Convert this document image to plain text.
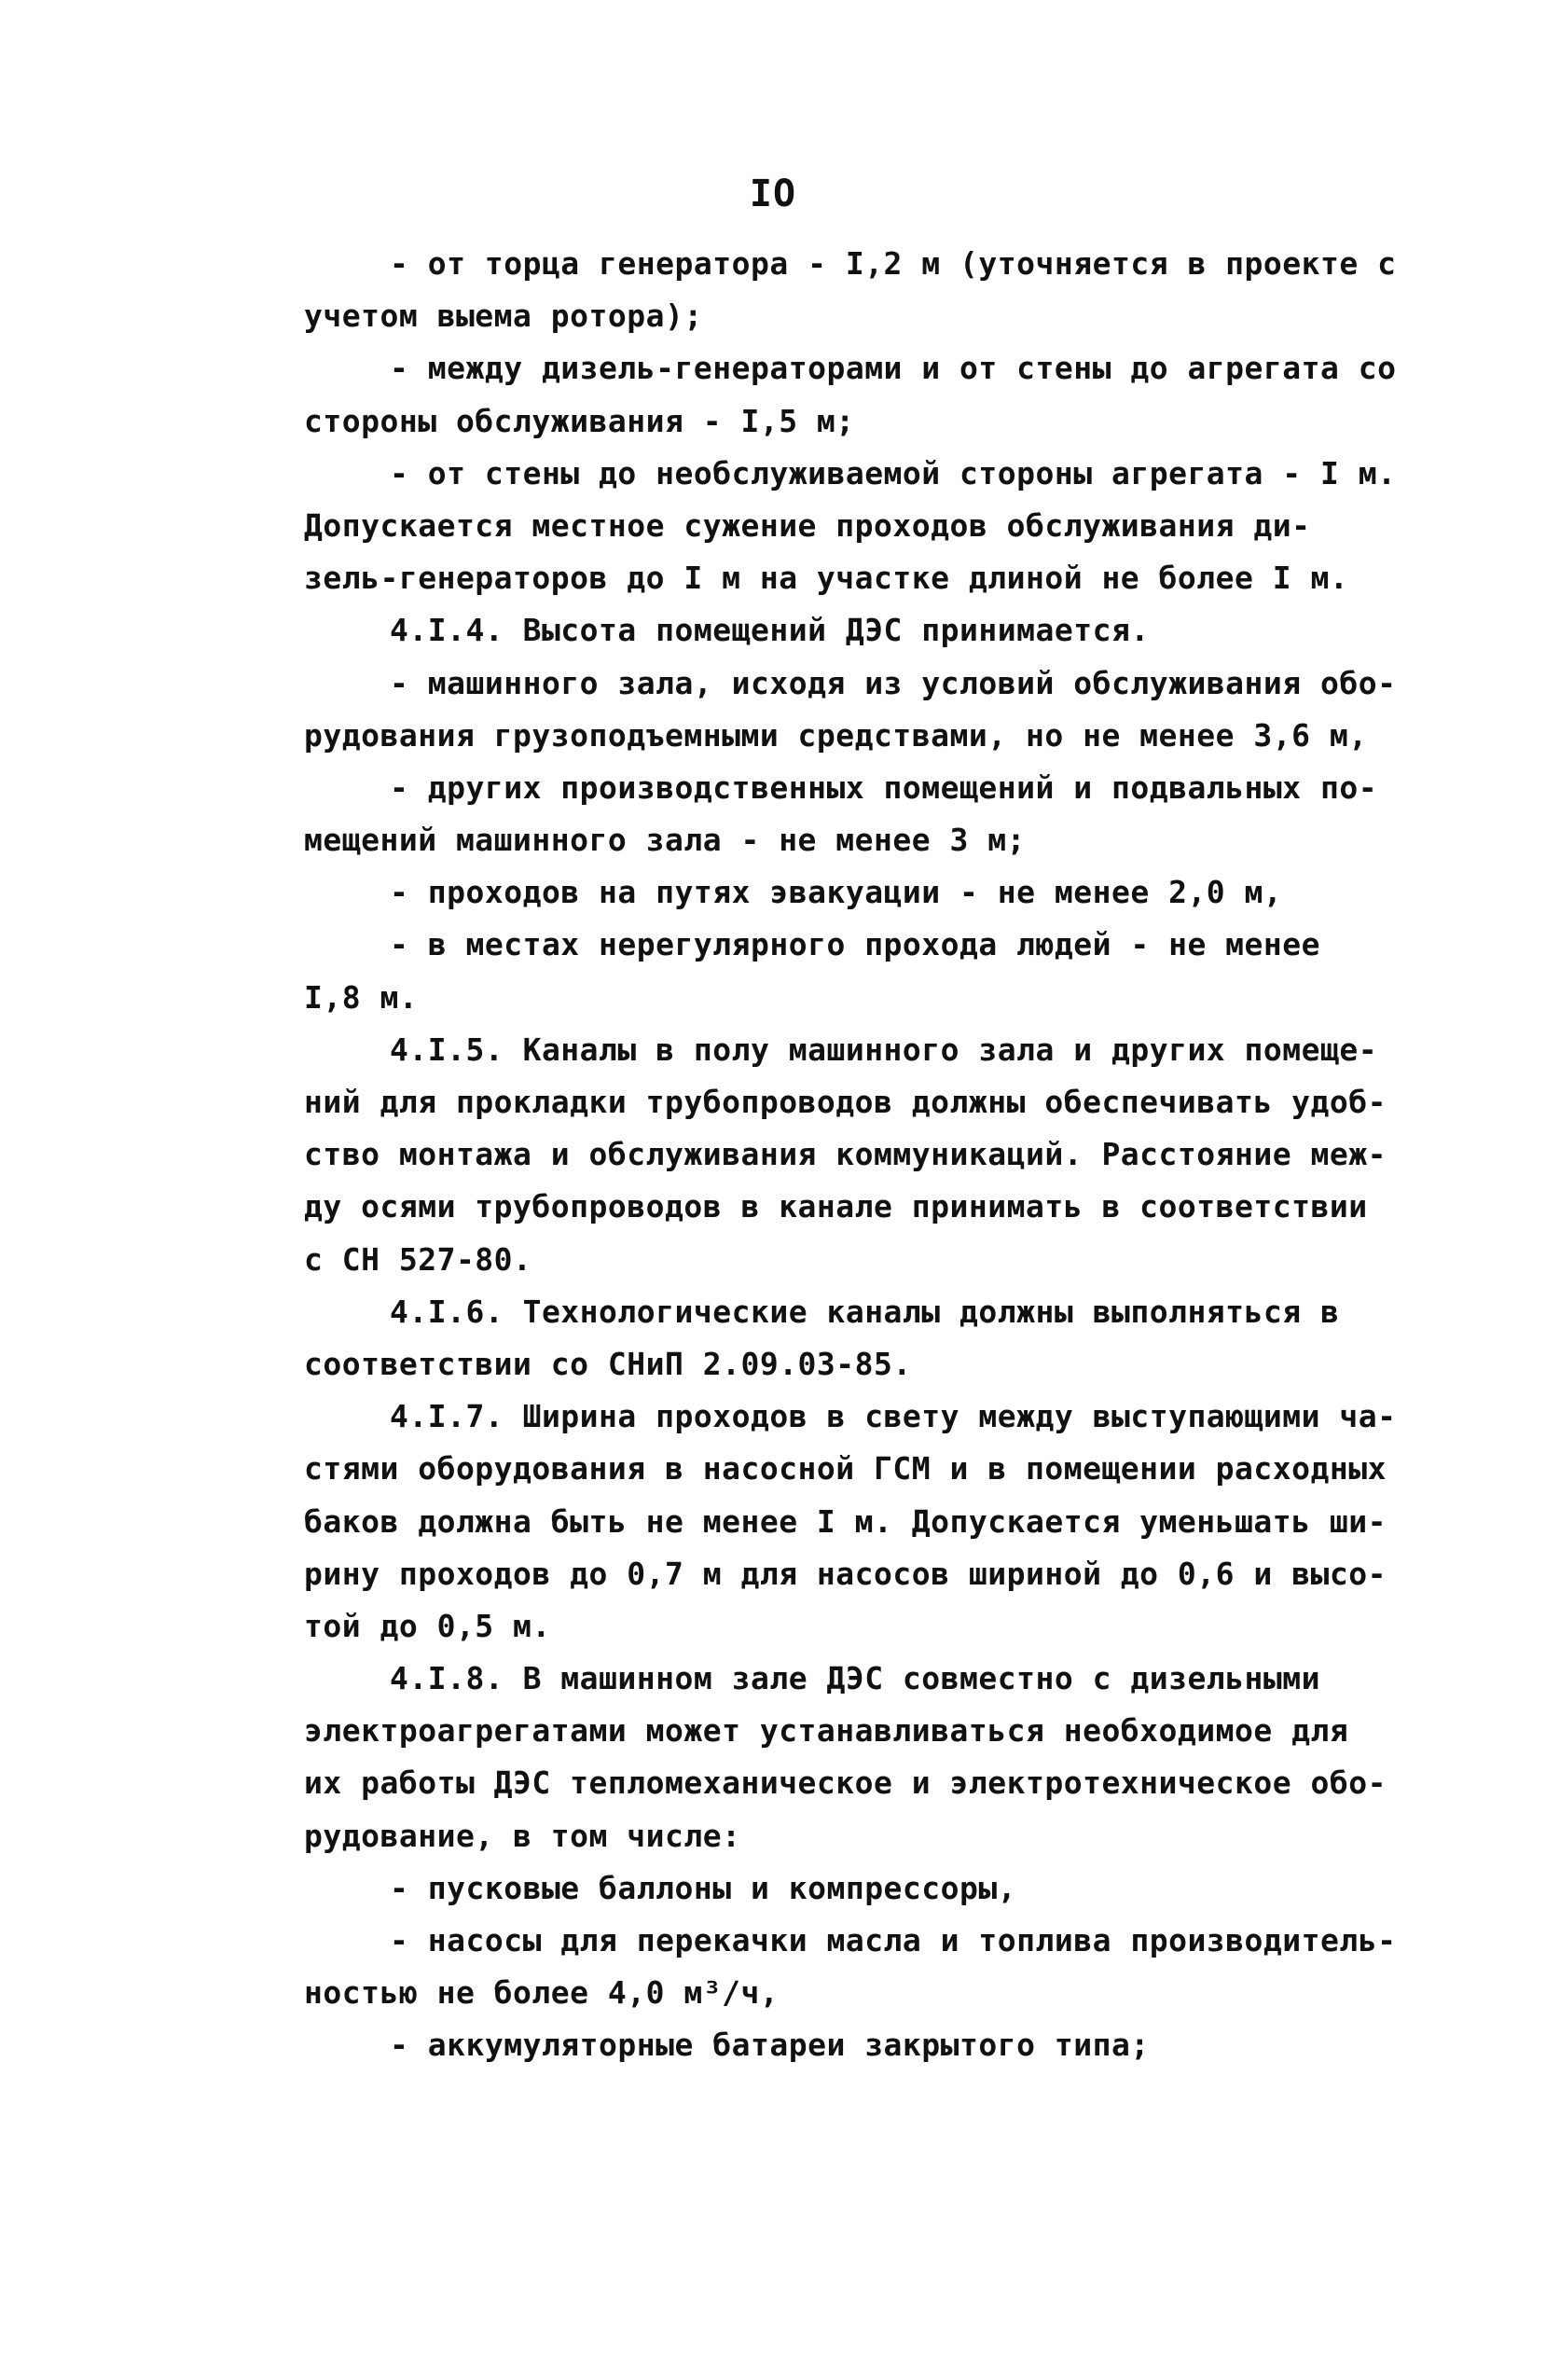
IO
- от торца генератора - I,2 м (уточняется в проекте с
учетом выема ротора);
- между дизель-генераторами и от стены до агрегата со
стороны обслуживания - I,5 м;
- от стены до необслуживаемой стороны агрегата - I м.
Допускается местное сужение проходов обслуживания ди-
зель-генераторов до I м на участке длиной не более I м.
4.I.4. Высота помещений ДЭС принимается.
- машинного зала, исходя из условий обслуживания обо-
рудования грузоподъемными средствами, но не менее 3,6 м,
- других производственных помещений и подвальных по-
мещений машинного зала - не менее 3 м;
- проходов на путях эвакуации - не менее 2,0 м,
- в местах нерегулярного прохода людей - не менее
I,8 м.
4.I.5. Каналы в полу машинного зала и других помеще-
ний для прокладки трубопроводов должны обеспечивать удоб-
ство монтажа и обслуживания коммуникаций. Расстояние меж-
ду осями трубопроводов в канале принимать в соответствии
с СН 527-80.
4.I.6. Технологические каналы должны выполняться в
соответствии со СНиП 2.09.03-85.
4.I.7. Ширина проходов в свету между выступающими ча-
стями оборудования в насосной ГСМ и в помещении расходных
баков должна быть не менее I м. Допускается уменьшать ши-
рину проходов до 0,7 м для насосов шириной до 0,6 и высо-
той до 0,5 м.
4.I.8. В машинном зале ДЭС совместно с дизельными
электроагрегатами может устанавливаться необходимое для
их работы ДЭС тепломеханическое и электротехническое обо-
рудование, в том числе:
- пусковые баллоны и компрессоры,
- насосы для перекачки масла и топлива производитель-
ностью не более 4,0 м³/ч,
- аккумуляторные батареи закрытого типа;
